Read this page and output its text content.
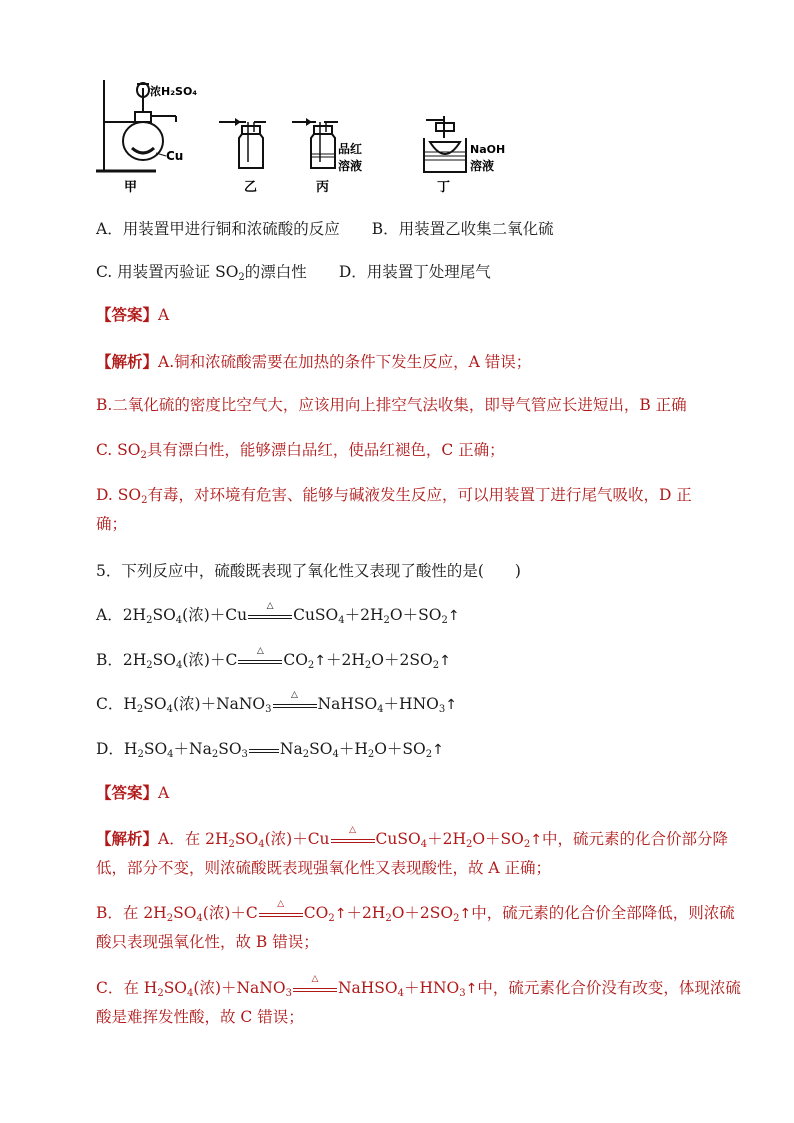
浓H₂SO₄
Cu
甲	乙	丙
品红
溶液
丁
NaOH
溶液
A．用装置甲进行铜和浓硫酸的反应 B．用装置乙收集二氧化硫
C. 用装置丙验证 $SO_2$的漂白性 D．用装置丁处理尾气
【答案】A
【解析】A.铜和浓硫酸需要在加热的条件下发生反应，A 错误；
B.二氧化硫的密度比空气大，应该用向上排空气法收集，即导气管应长进短出，B 正确
C. $SO_2$具有漂白性，能够漂白品红，使品红褪色，C 正确；
D. $SO_2$有毒，对环境有危害、能够与碱液发生反应，可以用装置丁进行尾气吸收，D 正
确；
5．下列反应中，硫酸既表现了氧化性又表现了酸性的是(　　)
A．$2H_2SO_4$(浓)＋Cu	△	$CuSO_4+2H_2O+SO_2↑$
B．$2H_2SO_4$(浓)＋C	△	$CO_2↑+2H_2O+2SO_2↑$
C．$H_2SO_4$(浓)＋NaNO$_3$
△	$NaHSO_4+HNO_3↑$
D．$H_2SO_4+Na_2SO_3$ $Na_2SO_4+H_2O+SO_2↑$
【答案】A
【解析】A．在 $2H_2SO_4$(浓)＋Cu	△	$CuSO_4+2H_2O+SO_2↑$中，硫元素的化合价部分降
低，部分不变，则浓硫酸既表现强氧化性又表现酸性，故 A 正确；
B．在 $2H_2SO_4$(浓)＋C	△	$CO_2↑+2H_2O+2SO_2↑$中，硫元素的化合价全部降低，则浓硫
酸只表现强氧化性，故 B 错误；
C．在 $H_2SO_4$(浓)＋NaNO$_3$
△	$NaHSO_4+HNO_3↑$中，硫元素化合价没有改变，体现浓硫
酸是难挥发性酸，故 C 错误；
